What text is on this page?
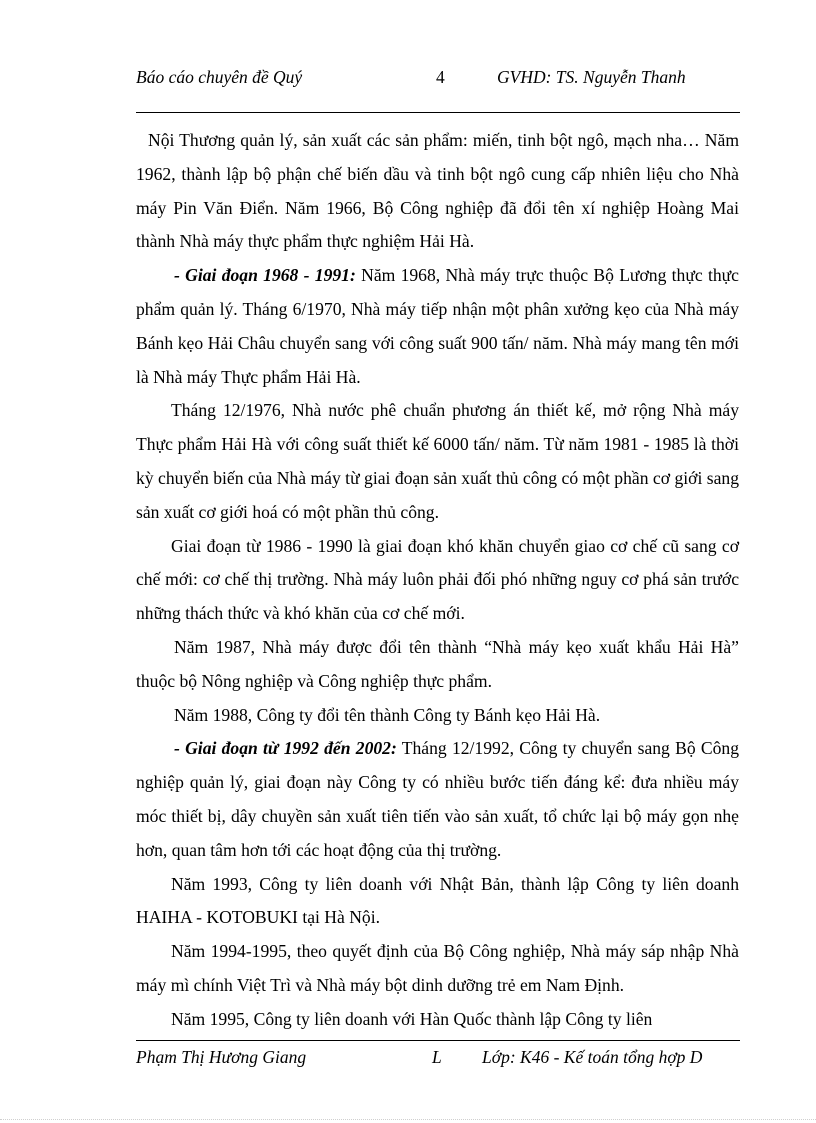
Báo cáo chuyên đề Quý	4	GVHD: TS. Nguyễn Thanh

Nội Thương quản lý, sản xuất các sản phẩm: miến, tinh bột ngô, mạch nha… Năm 1962, thành lập bộ phận chế biến dầu và tinh bột ngô cung cấp nhiên liệu cho Nhà máy Pin Văn Điển. Năm 1966, Bộ Công nghiệp đã đổi tên xí nghiệp Hoàng Mai thành Nhà máy thực phẩm thực nghiệm Hải Hà.

- Giai đoạn 1968 - 1991: Năm 1968, Nhà máy trực thuộc Bộ Lương thực thực phẩm quản lý. Tháng 6/1970, Nhà máy tiếp nhận một phân xưởng kẹo của Nhà máy Bánh kẹo Hải Châu chuyển sang với công suất 900 tấn/ năm. Nhà máy mang tên mới là Nhà máy Thực phẩm Hải Hà.

Tháng 12/1976, Nhà nước phê chuẩn phương án thiết kế, mở rộng Nhà máy Thực phẩm Hải Hà với công suất thiết kế 6000 tấn/ năm. Từ năm 1981 - 1985 là thời kỳ chuyển biến của Nhà máy từ giai đoạn sản xuất thủ công có một phần cơ giới sang sản xuất cơ giới hoá có một phần thủ công.

Giai đoạn từ 1986 - 1990 là giai đoạn khó khăn chuyển giao cơ chế cũ sang cơ chế mới: cơ chế thị trường. Nhà máy luôn phải đối phó những nguy cơ phá sản trước những thách thức và khó khăn của cơ chế mới.

Năm 1987, Nhà máy được đổi tên thành “Nhà máy kẹo xuất khẩu Hải Hà” thuộc bộ Nông nghiệp và Công nghiệp thực phẩm.

Năm 1988, Công ty đổi tên thành Công ty Bánh kẹo Hải Hà.

- Giai đoạn từ 1992 đến 2002: Tháng 12/1992, Công ty chuyển sang Bộ Công nghiệp quản lý, giai đoạn này Công ty có nhiều bước tiến đáng kể: đưa nhiều máy móc thiết bị, dây chuyền sản xuất tiên tiến vào sản xuất, tổ chức lại bộ máy gọn nhẹ hơn, quan tâm hơn tới các hoạt động của thị trường.

Năm 1993, Công ty liên doanh với Nhật Bản, thành lập Công ty liên doanh HAIHA - KOTOBUKI tại Hà Nội.

Năm 1994-1995, theo quyết định của Bộ Công nghiệp, Nhà máy sáp nhập Nhà máy mì chính Việt Trì và Nhà máy bột dinh dưỡng trẻ em Nam Định.

Năm 1995, Công ty liên doanh với Hàn Quốc thành lập Công ty liên

Phạm Thị Hương Giang	L Lớp: K46 - Kế toán tổng hợp D
